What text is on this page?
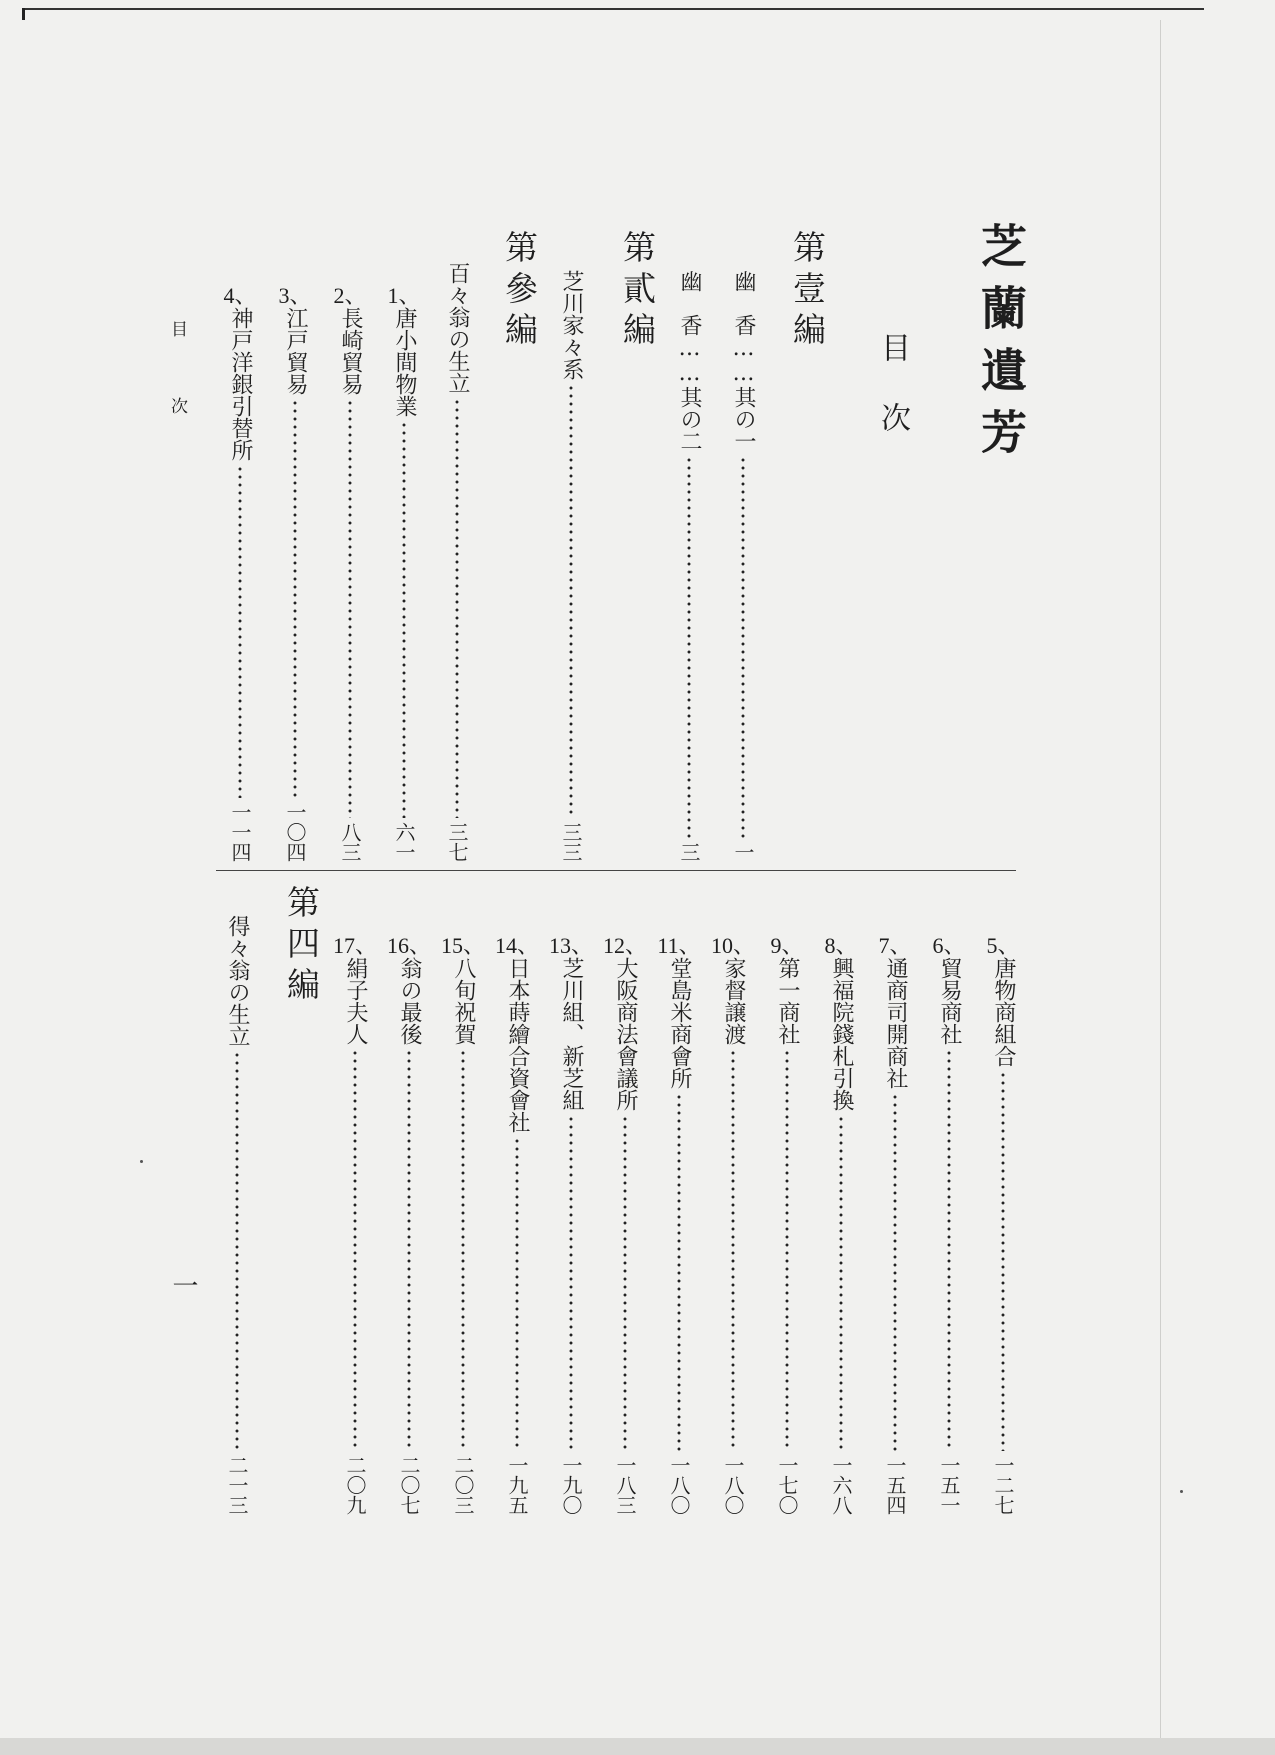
芝蘭遺芳
目次
第壹編
幽　香……其の一
一
幽　香……其の二
三
第貳編
芝川家々系
三三
第參編
百々翁の生立
三七
1、
唐小間物業
六一
2、
長崎貿易
八三
3、
江戸貿易
一〇四
4、
神戸洋銀引替所
一一四
5、
唐物商組合
一二七
6、
貿易商社
一五一
7、
通商司開商社
一五四
8、
興福院錢札引換
一六八
9、
第一商社
一七〇
10、
家督譲渡
一八〇
11、
堂島米商會所
一八〇
12、
大阪商法會議所
一八三
13、
芝川組、新芝組
一九〇
14、
日本蒔繪合資會社
一九五
15、
八旬祝賀
二〇三
16、
翁の最後
二〇七
17、
絹子夫人
二〇九
第四編
得々翁の生立
二一三
目次
一
